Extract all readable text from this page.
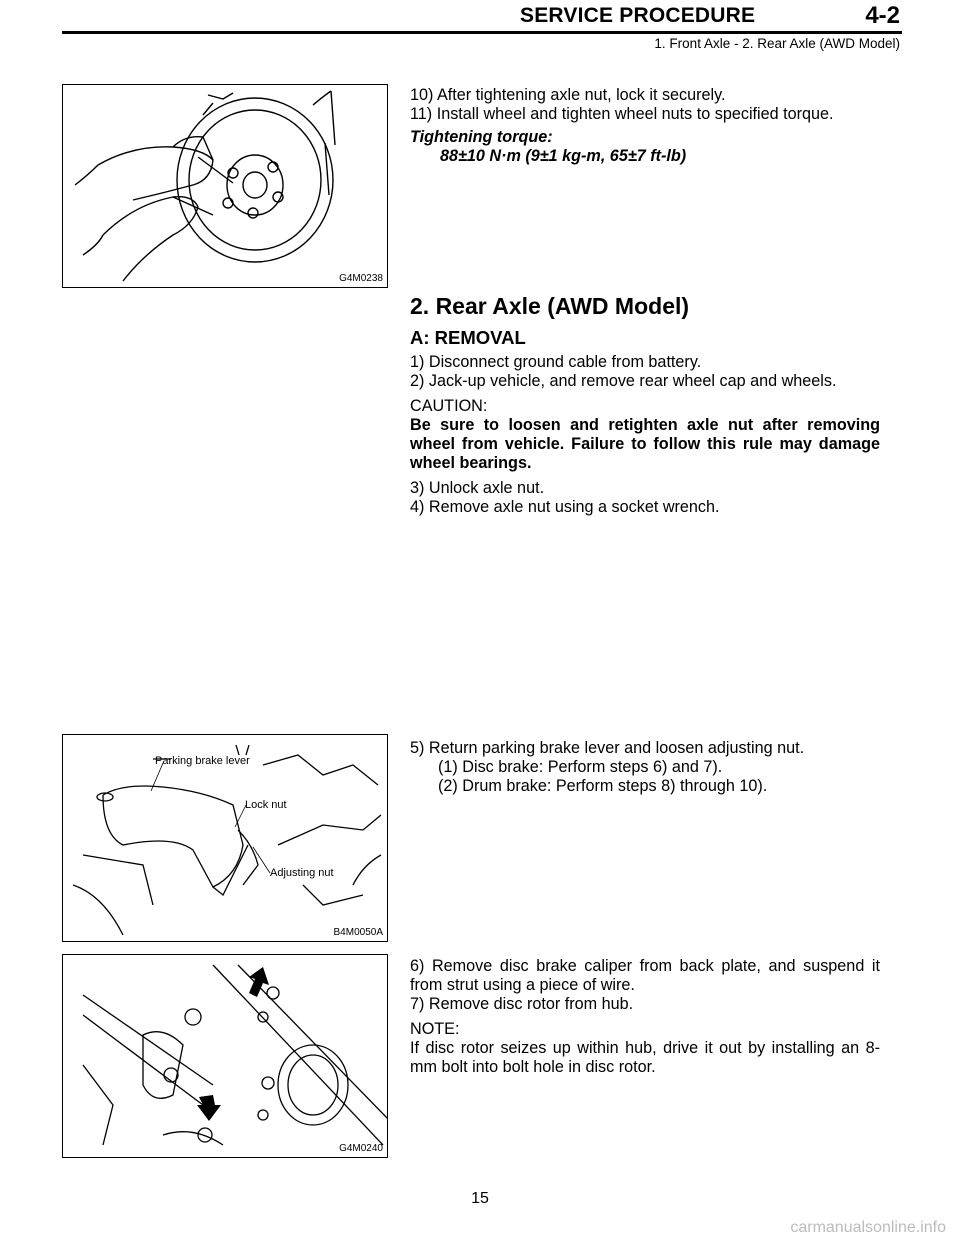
SERVICE PROCEDURE	4-2
1. Front Axle - 2. Rear Axle (AWD Model)
G4M0238

10) After tightening axle nut, lock it securely.

11) Install wheel and tighten wheel nuts to specified torque.

Tightening torque:

88±10 N·m (9±1 kg-m, 65±7 ft-lb)

2. Rear Axle (AWD Model)

A: REMOVAL

1) Disconnect ground cable from battery.

2) Jack-up vehicle, and remove rear wheel cap and wheels.

CAUTION:

Be sure to loosen and retighten axle nut after removing wheel from vehicle. Failure to follow this rule may damage wheel bearings.

3) Unlock axle nut.

4) Remove axle nut using a socket wrench.

Parking brake lever
Lock nut
Adjusting nut
B4M0050A

5) Return parking brake lever and loosen adjusting nut.

(1) Disc brake: Perform steps 6) and 7).

(2) Drum brake: Perform steps 8) through 10).

G4M0240

6) Remove disc brake caliper from back plate, and suspend it from strut using a piece of wire.

7) Remove disc rotor from hub.

NOTE:

If disc rotor seizes up within hub, drive it out by installing an 8-mm bolt into bolt hole in disc rotor.

15
carmanualsonline.info
